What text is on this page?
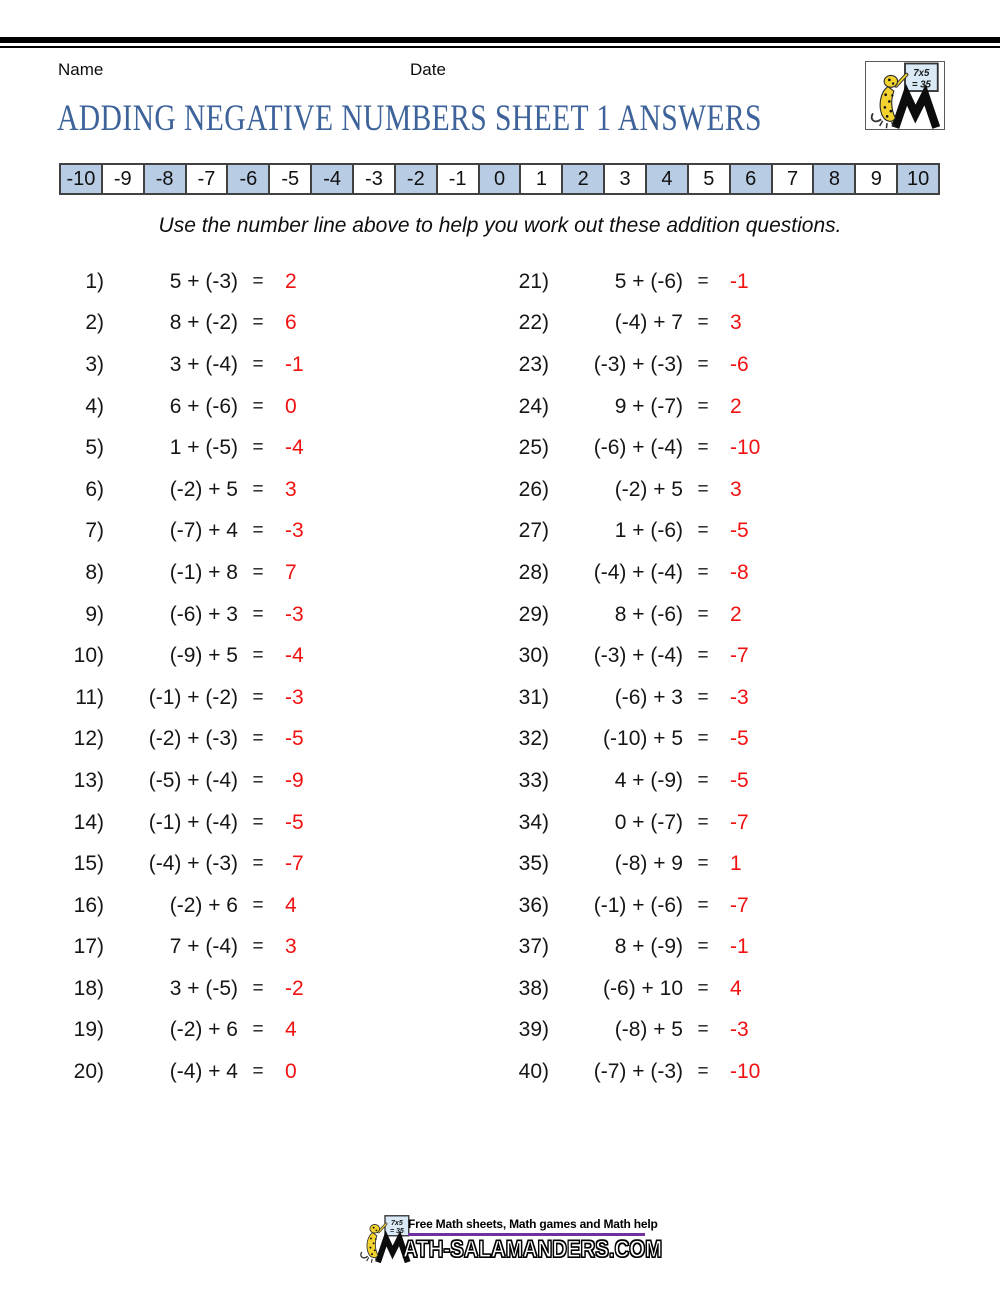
Name	Date
ADDING NEGATIVE NUMBERS SHEET 1 ANSWERS
-10 -9	-8	-7	-6	-5	-4	-3	-2	-1	0	1	2	3	4	5	6	7	8	9	10
Use the number line above to help you work out these addition questions.
1)	5 + (-3) =	2
2)	8 + (-2) =	6
3)	3 + (-4) =	-1
4)	6 + (-6) =	0
5)	1 + (-5) =	-4
6)	(-2) + 5 =	3
7)	(-7) + 4 =	-3
8)	(-1) + 8 =	7
9)	(-6) + 3 =	-3
10)	(-9) + 5 =	-4
11)	(-1) + (-2) =	-3
12)	(-2) + (-3) =	-5
13)	(-5) + (-4) =	-9
14)	(-1) + (-4) =	-5
15)	(-4) + (-3) =	-7
16)	(-2) + 6 =	4
17)	7 + (-4) =	3
18)	3 + (-5) =	-2
19)	(-2) + 6 =	4
20)	(-4) + 4 =	0
21)	5 + (-6) =	-1
22)	(-4) + 7 =	3
23)	(-3) + (-3) =	-6
24)	9 + (-7) =	2
25)	(-6) + (-4) =	-10
26)	(-2) + 5 =	3
27)	1 + (-6) =	-5
28)	(-4) + (-4) =	-8
29)	8 + (-6) =	2
30)	(-3) + (-4) =	-7
31)	(-6) + 3 =	-3
32)	(-10) + 5 =	-5
33)	4 + (-9) =	-5
34)	0 + (-7) =	-7
35)	(-8) + 9 =	1
36)	(-1) + (-6) =	-7
37)	8 + (-9) =	-1
38)	(-6) + 10 =	4
39)	(-8) + 5 =	-3
40)	(-7) + (-3) =	-10
Free Math sheets, Math games and Math help
ATH-SALAMANDERS.COM
